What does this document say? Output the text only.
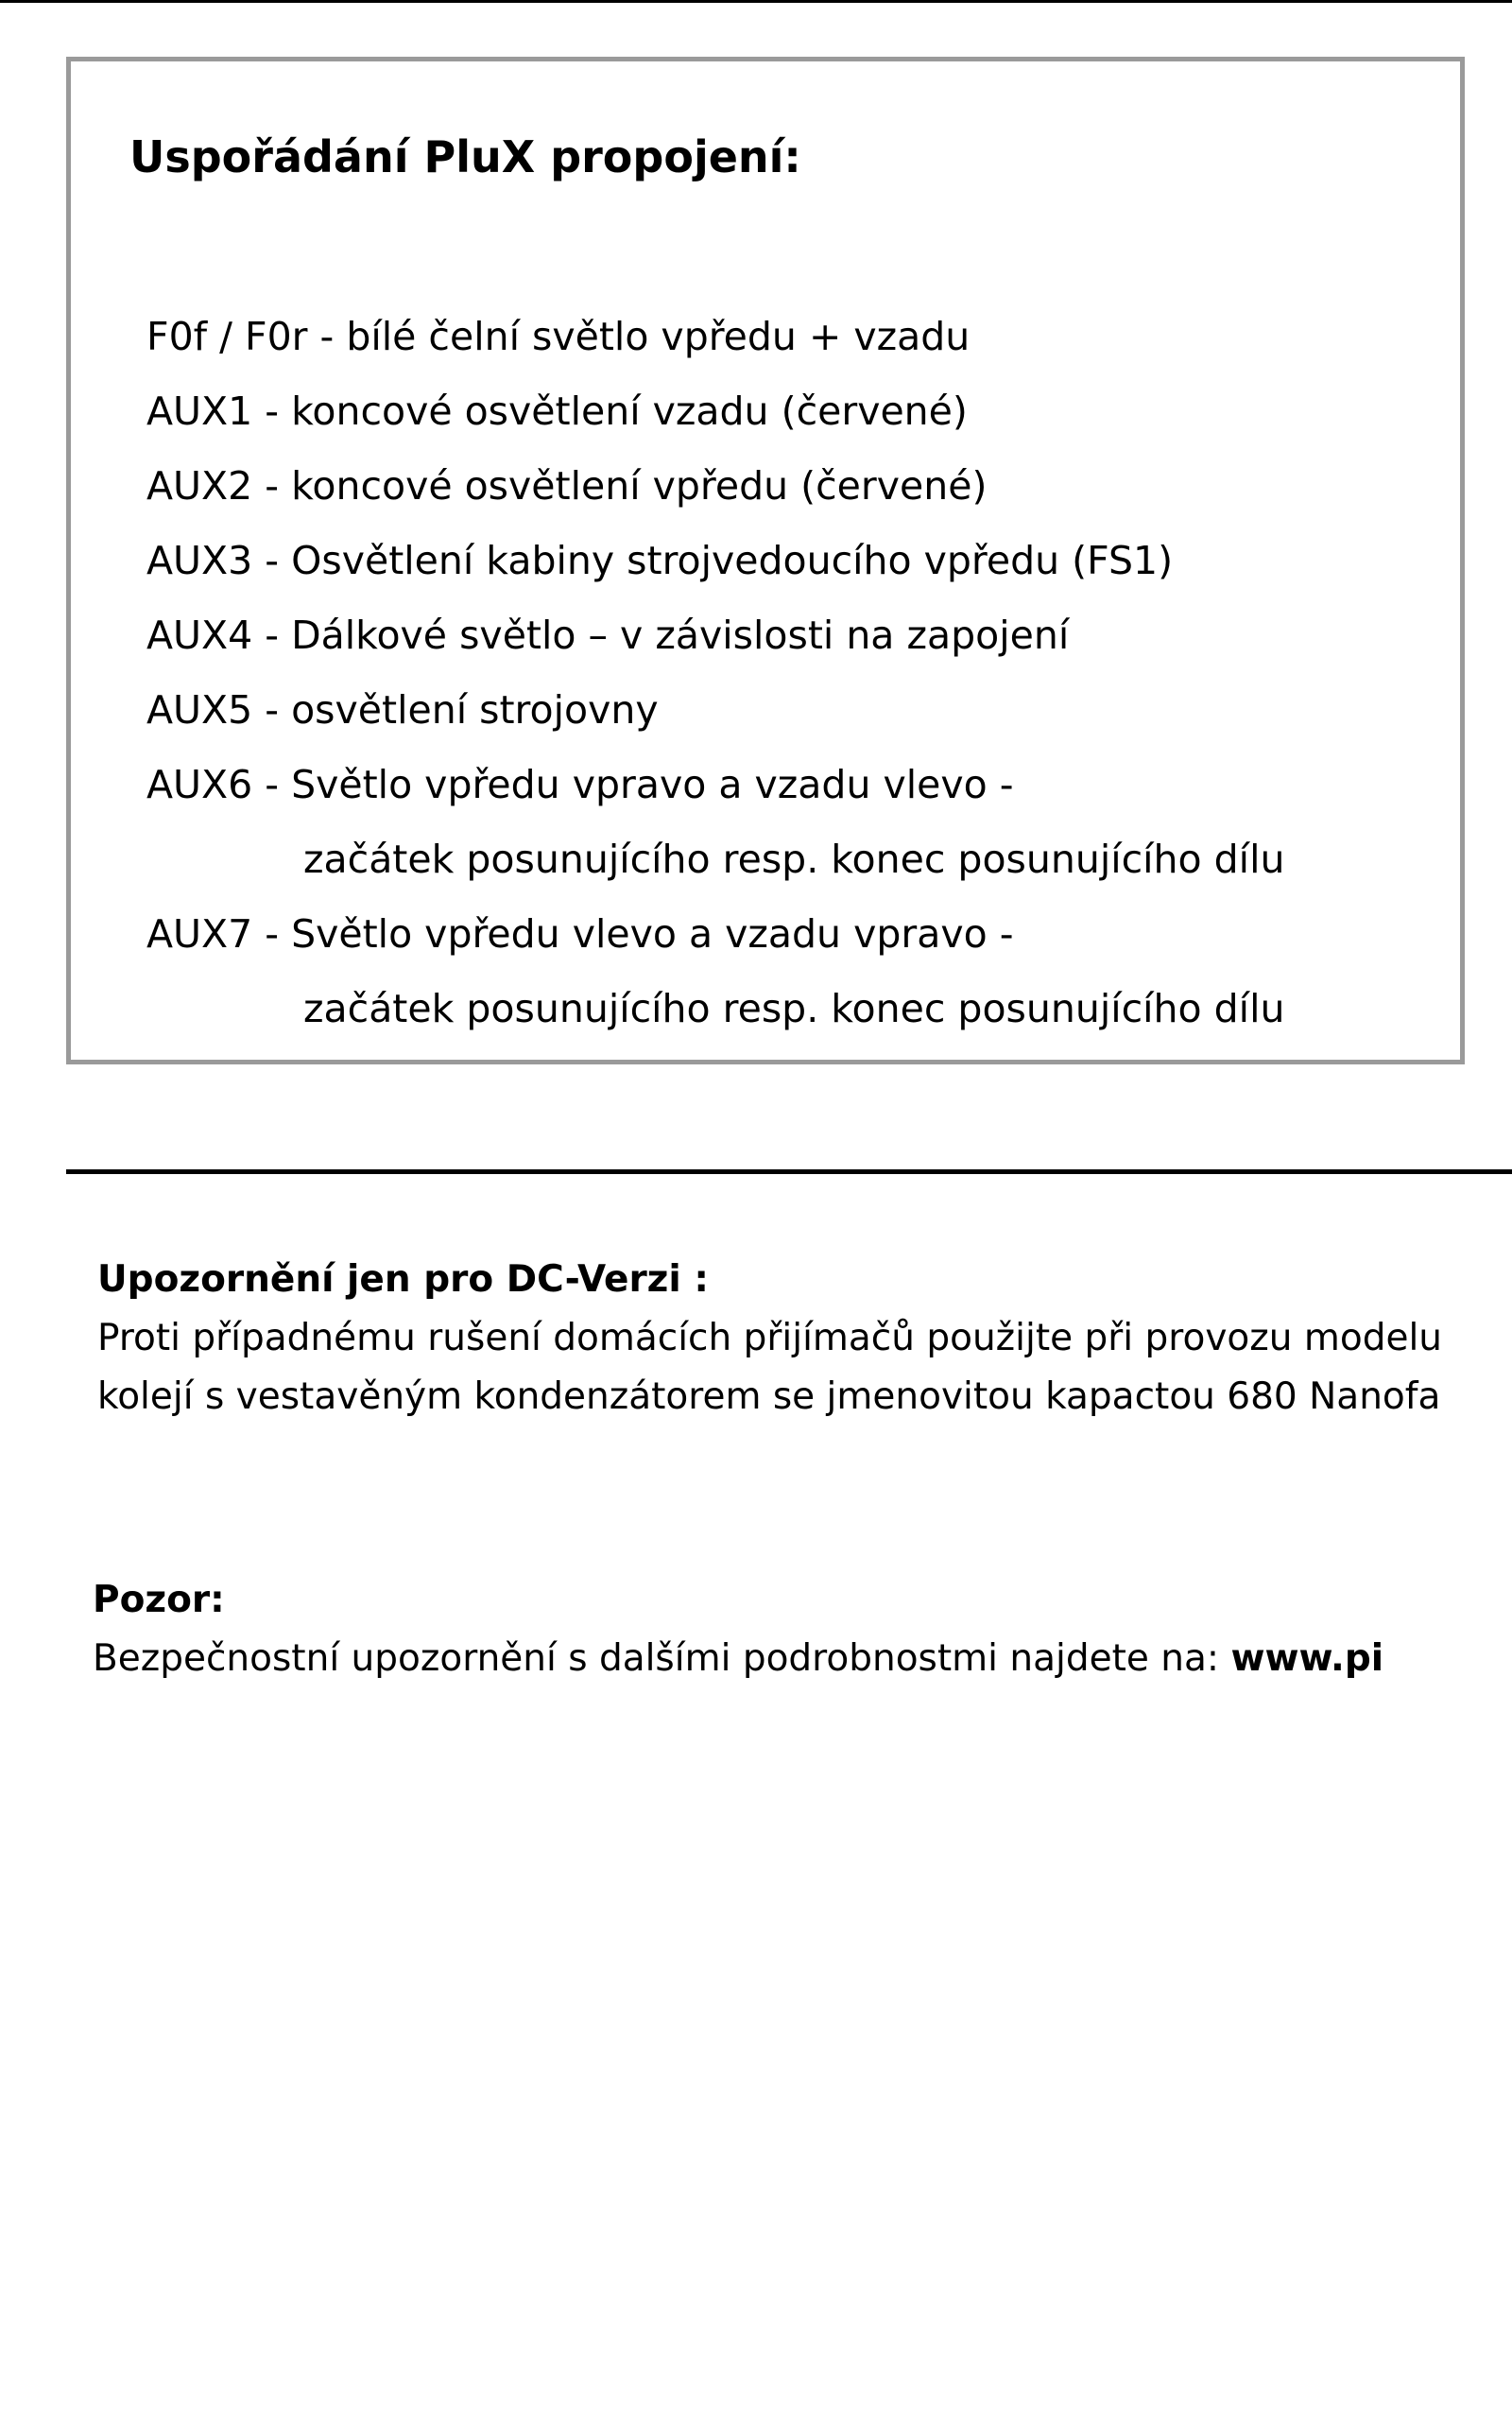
Uspořádání PluX propojení:
F0f / F0r - bílé čelní světlo vpředu + vzadu
AUX1 - koncové osvětlení vzadu (červené)
AUX2 - koncové osvětlení vpředu (červené)
AUX3 - Osvětlení kabiny strojvedoucího vpředu (FS1)
AUX4 - Dálkové světlo – v závislosti na zapojení
AUX5 - osvětlení strojovny
AUX6 - Světlo vpředu vpravo a vzadu vlevo -
začátek posunujícího resp. konec posunujícího dílu
AUX7 - Světlo vpředu vlevo a vzadu vpravo -
začátek posunujícího resp. konec posunujícího dílu
Upozornění jen pro DC-Verzi :
Proti případnému rušení domácích přijímačů použijte při provozu modelu
kolejí s vestavěným kondenzátorem se jmenovitou kapactou 680 Nanofa
Pozor:
Bezpečnostní upozornění s dalšími podrobnostmi najdete na: www.pi
